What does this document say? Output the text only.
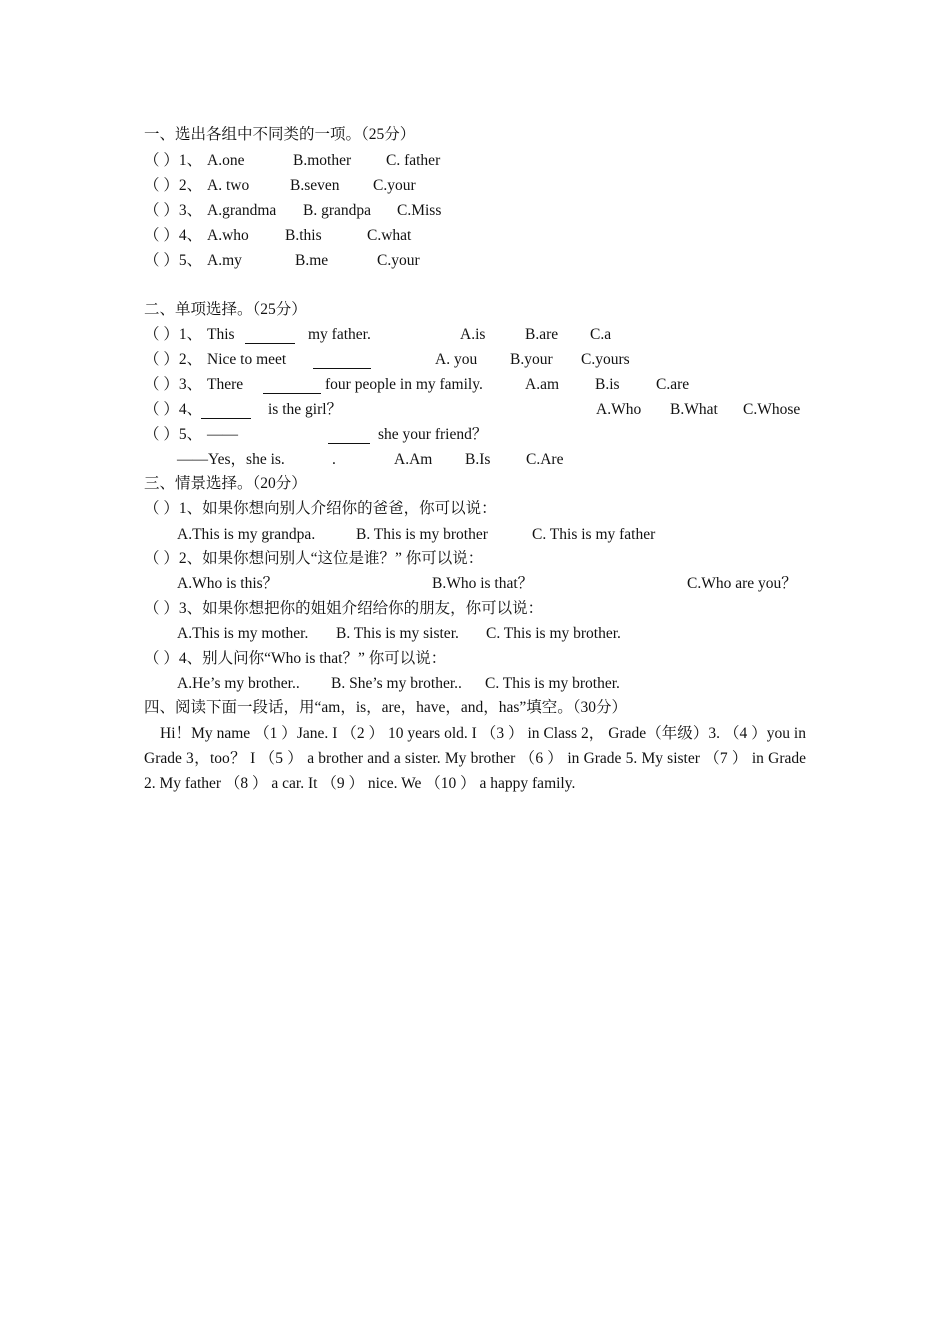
一、选出各组中不同类的一项。（25分）
（ ）1、 A.one	B.mother C. father
（ ）2、 A. two	B.seven C.your
（ ）3、 A.grandma B. grandpa C.Miss
（ ）4、 A.who B.this	C.what
（ ）5、 A.my	B.me	C.your
二、单项选择。（25分）
（ ）1、 This	my father.	A.is	B.are C.a
（ ）2、 Nice to meet	A. you B.your C.yours
（ ）3、 There	four people in my family.	A.am B.is C.are
（ ）4、	is the girl？	A.Who B.What C.Whose
（ ）5、 ——	she your friend？
——Yes，she is.	.	A.Am B.Is C.Are
三、情景选择。（20分）
（ ）1、如果你想向别人介绍你的爸爸，你可以说：
A.This is my grandpa.	B. This is my brother	C. This is my father
（ ）2、如果你想问别人“这位是谁？” 你可以说：
A.Who is this？	B.Who is that？	C.Who are you？
（ ）3、如果你想把你的姐姐介绍给你的朋友，你可以说：
A.This is my mother. B. This is my sister. C. This is my brother.
（ ）4、别人问你“Who is that？” 你可以说：
A.He’s my brother.. B. She’s my brother.. C. This is my brother.
四、阅读下面一段话，用“am，is，are，have，and，has”填空。（30分）
Hi！My name （1 ）Jane. I （2 ） 10 years old. I （3 ） in Class 2， Grade（年级）3. （4 ）you in Grade 3，too？ I （5 ） a brother and a sister. My brother （6 ） in Grade 5. My sister （7 ） in Grade 2. My father （8 ） a car. It （9 ） nice. We （10 ） a happy family.
